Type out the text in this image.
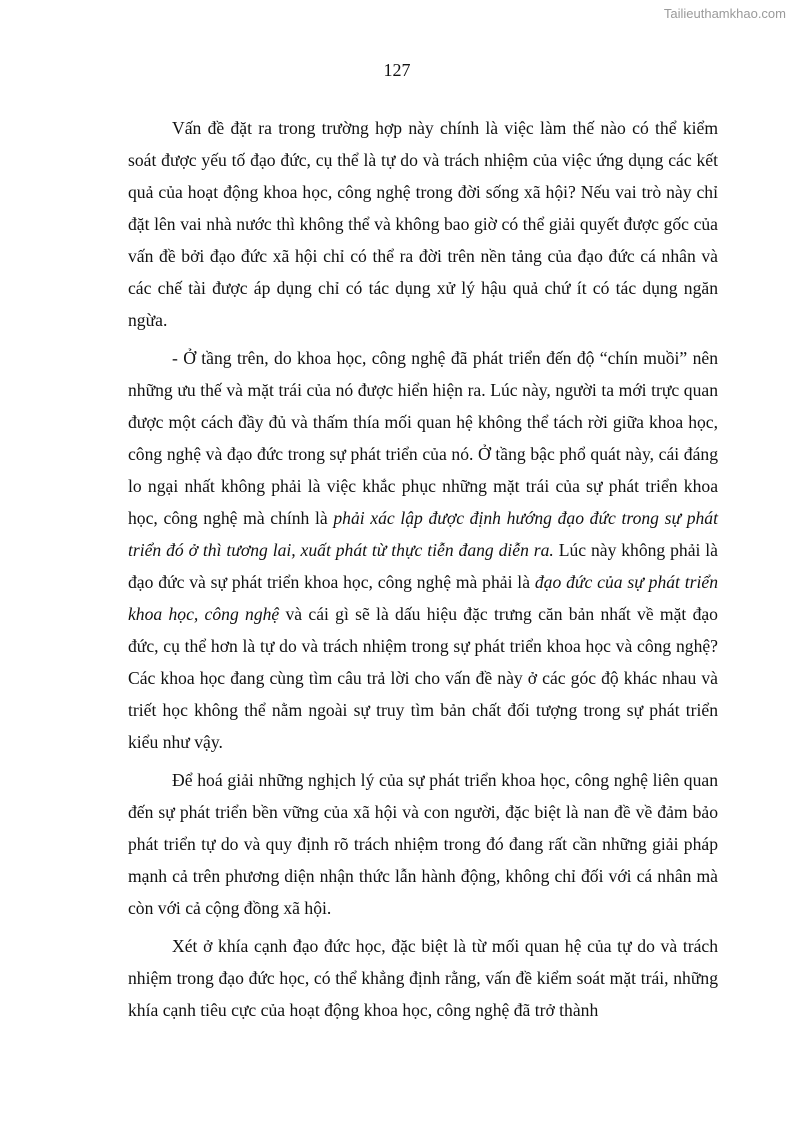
Tailieuthamkhao.com
127

Vấn đề đặt ra trong trường hợp này chính là việc làm thế nào có thể kiểm soát được yếu tố đạo đức, cụ thể là tự do và trách nhiệm của việc ứng dụng các kết quả của hoạt động khoa học, công nghệ trong đời sống xã hội? Nếu vai trò này chỉ đặt lên vai nhà nước thì không thể và không bao giờ có thể giải quyết được gốc của vấn đề bởi đạo đức xã hội chỉ có thể ra đời trên nền tảng của đạo đức cá nhân và các chế tài được áp dụng chỉ có tác dụng xử lý hậu quả chứ ít có tác dụng ngăn ngừa.

- Ở tầng trên, do khoa học, công nghệ đã phát triển đến độ “chín muồi” nên những ưu thế và mặt trái của nó được hiển hiện ra. Lúc này, người ta mới trực quan được một cách đầy đủ và thấm thía mối quan hệ không thể tách rời giữa khoa học, công nghệ và đạo đức trong sự phát triển của nó. Ở tầng bậc phổ quát này, cái đáng lo ngại nhất không phải là việc khắc phục những mặt trái của sự phát triển khoa học, công nghệ mà chính là phải xác lập được định hướng đạo đức trong sự phát triển đó ở thì tương lai, xuất phát từ thực tiễn đang diễn ra. Lúc này không phải là đạo đức và sự phát triển khoa học, công nghệ mà phải là đạo đức của sự phát triển khoa học, công nghệ và cái gì sẽ là dấu hiệu đặc trưng căn bản nhất về mặt đạo đức, cụ thể hơn là tự do và trách nhiệm trong sự phát triển khoa học và công nghệ? Các khoa học đang cùng tìm câu trả lời cho vấn đề này ở các góc độ khác nhau và triết học không thể nằm ngoài sự truy tìm bản chất đối tượng trong sự phát triển kiểu như vậy.

Để hoá giải những nghịch lý của sự phát triển khoa học, công nghệ liên quan đến sự phát triển bền vững của xã hội và con người, đặc biệt là nan đề về đảm bảo phát triển tự do và quy định rõ trách nhiệm trong đó đang rất cần những giải pháp mạnh cả trên phương diện nhận thức lẫn hành động, không chỉ đối với cá nhân mà còn với cả cộng đồng xã hội.

Xét ở khía cạnh đạo đức học, đặc biệt là từ mối quan hệ của tự do và trách nhiệm trong đạo đức học, có thể khẳng định rằng, vấn đề kiểm soát mặt trái, những khía cạnh tiêu cực của hoạt động khoa học, công nghệ đã trở thành
